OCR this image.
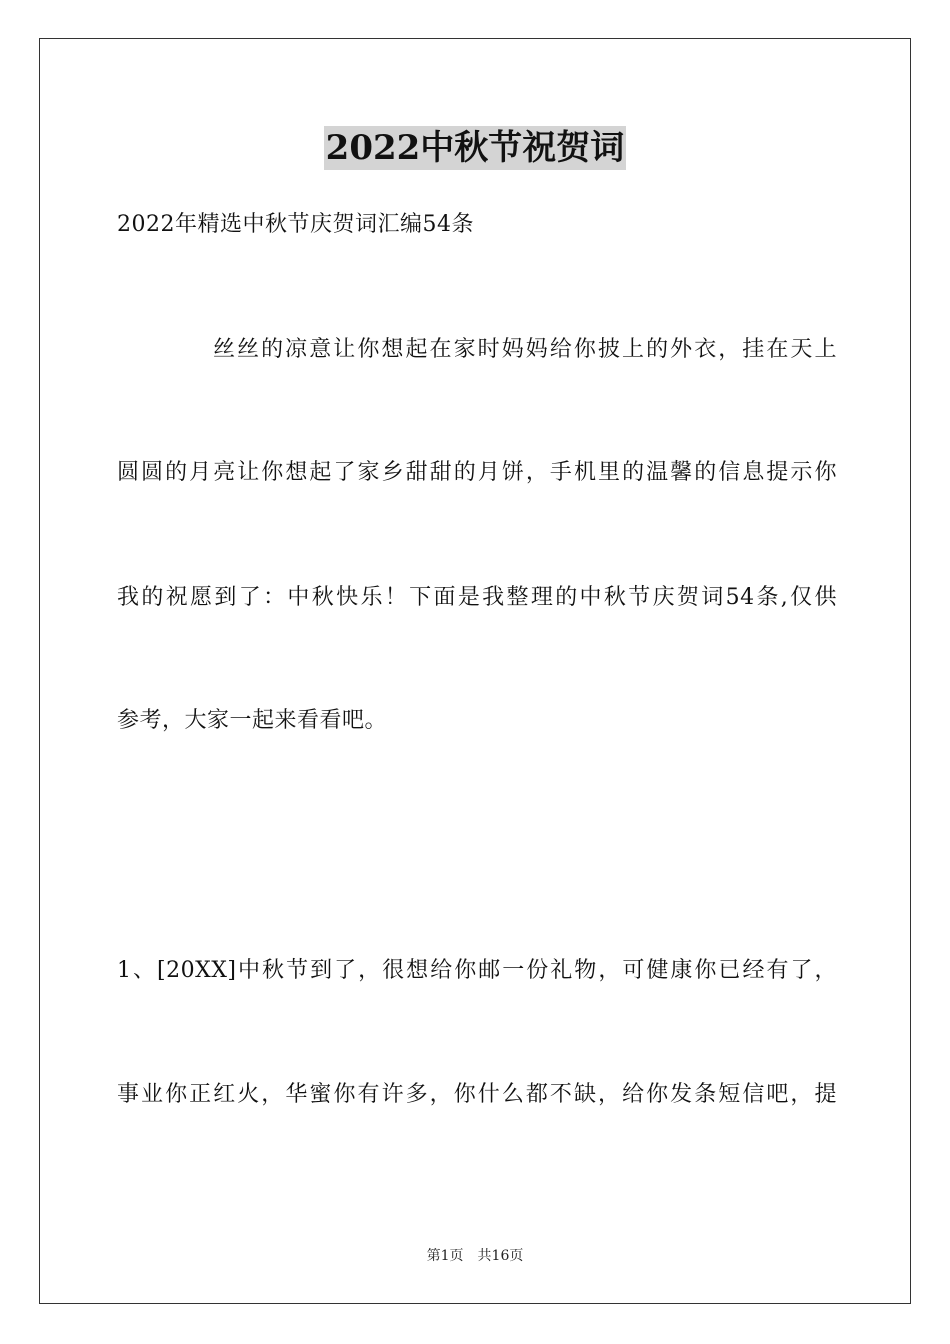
2022中秋节祝贺词
2022年精选中秋节庆贺词汇编54条
丝丝的凉意让你想起在家时妈妈给你披上的外衣，挂在天上
圆圆的月亮让你想起了家乡甜甜的月饼，手机里的温馨的信息提示你
我的祝愿到了：中秋快乐！下面是我整理的中秋节庆贺词54条,仅供
参考，大家一起来看看吧。
1、[20XX]中秋节到了，很想给你邮一份礼物，可健康你已经有了，
事业你正红火，华蜜你有许多，你什么都不缺，给你发条短信吧，提
第1页 共16页
